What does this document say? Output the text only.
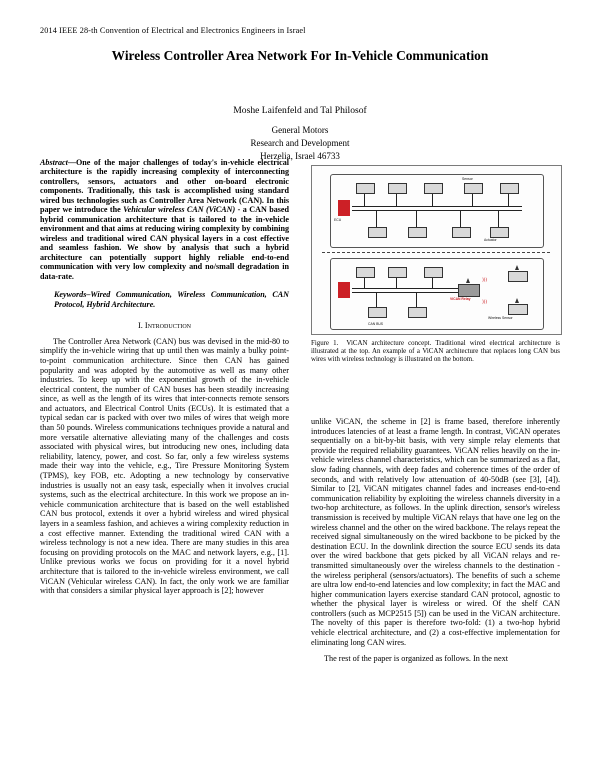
2014 IEEE 28-th Convention of Electrical and Electronics Engineers in Israel
Wireless Controller Area Network For In-Vehicle Communication
Moshe Laifenfeld and Tal Philosof
General Motors
Research and Development
Herzelia, Israel 46733
Abstract—One of the major challenges of today's in-vehicle electrical architecture is the rapidly increasing complexity of interconnecting controllers, sensors, actuators and other on-board electronic components. Traditionally, this task is accomplished using standard wired bus technologies such as Controller Area Network (CAN). In this paper we introduce the Vehicular wireless CAN (ViCAN) - a CAN based hybrid communication architecture that is tailored to the in-vehicle environment and that aims at reducing wiring complexity by combining wireless and traditional wired CAN physical layers in a cost effective and seamless fashion. We show by analysis that such a hybrid architecture can potentially support highly reliable end-to-end communication with very low complexity and no/small degradation in data-rate.
Keywords–Wired Communication, Wireless Communication, CAN Protocol, Hybrid Architecture.
I. Introduction

The Controller Area Network (CAN) bus was devised in the mid-80 to simplify the in-vehicle wiring that up until then was mainly a bulky point-to-point communication architecture. Since then CAN has gained popularity and was adopted by the automotive as well as many other industries. To keep up with the exponential growth of the in-vehicle electrical content, the number of CAN buses has been steadily increasing since, as well as the length of its wires that inter-connects remote sensors and actuators, and Electrical Control Units (ECUs). It is estimated that a typical sedan car is packed with over two miles of wires that weigh more than 50 pounds. Wireless communications techniques provide a natural and more versatile alternative alleviating many of the challenges and costs associated with physical wires, but introducing new ones, including data reliability, latency, power, and cost. So far, only a few wireless systems made their way into the vehicle, e.g., Tire Pressure Monitoring System (TPMS), key FOB, etc. Adopting a new technology by conservative industries is usually not an easy task, especially when it involves crucial systems, such as the electrical architecture. In this work we propose an in-vehicle communication architecture that is based on the well established CAN bus protocol, extends it over a hybrid wireless and wired physical layers in a seamless fashion, and achieves a wiring complexity reduction in a cost effective manner. Extending the traditional wired CAN with a wireless technology is not a new idea. There are many studies in this area focusing on providing protocols on the MAC and network layers, e.g., [1]. Unlike previous works we focus on providing for it a novel hybrid architecture that is tailored to the in-vehicle wireless environment, we call ViCAN (Vehicular wireless CAN). In fact, the only work we are familiar with that considers a similar physical layer approach is [2]; however

ECU
Sensor
Actuator
ViCAN Relay
)))
)))
Wireless Sensor
CAN BUS
Figure 1. ViCAN architecture concept. Traditional wired electrical architecture is illustrated at the top. An example of a ViCAN architecture that replaces long CAN bus wires with wireless technology is illustrated on the bottom.

unlike ViCAN, the scheme in [2] is frame based, therefore inherently introduces latencies of at least a frame length. In contrast, ViCAN operates sequentially on a bit-by-bit basis, with very simple relay elements that provide the required reliability guarantees. ViCAN relies heavily on the in-vehicle wireless channel characteristics, which can be summarized as a flat, slow fading channels, with deep fades and coherence times of the order of seconds, and with relatively low attenuation of 40-50dB (see [3], [4]). Similar to [2], ViCAN mitigates channel fades and increases end-to-end communication reliability by exploiting the wireless channels diversity in a two-hop architecture, as follows. In the uplink direction, sensor's wireless transmission is received by multiple ViCAN relays that have one leg on the wireless channel and the other on the wired backbone. The relays repeat the received signal simultaneously on the wired backbone to be picked by the destination ECU. In the downlink direction the source ECU sends its data over the wired backbone that gets picked by all ViCAN relays and re-transmitted simultaneously over the wireless channels to the destination - the wireless peripheral (sensors/actuators). The benefits of such a scheme are ultra low end-to-end latencies and low complexity; in fact the MAC and higher communication layers exercise standard CAN protocol, agnostic to whether the physical layer is wireless or wired. Of the shelf CAN controllers (such as MCP2515 [5]) can be used in the ViCAN architecture. The novelty of this paper is therefore two-fold: (1) a two-hop hybrid vehicle electrical architecture, and (2) a cost-effective implementation for eliminating long CAN wires.

The rest of the paper is organized as follows. In the next
